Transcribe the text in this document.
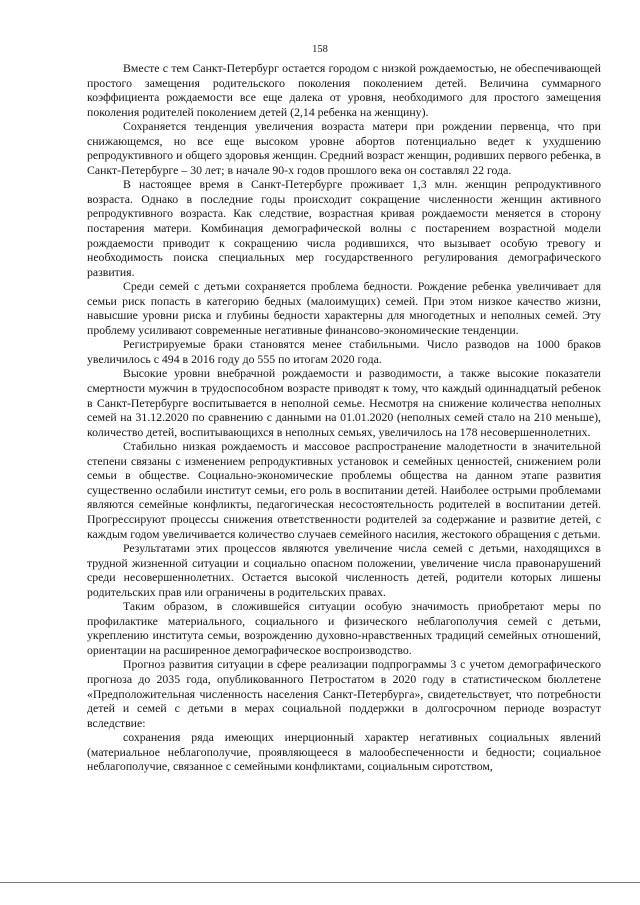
158

Вместе с тем Санкт-Петербург остается городом с низкой рождаемостью, не обеспечивающей простого замещения родительского поколения поколением детей. Величина суммарного коэффициента рождаемости все еще далека от уровня, необходимого для простого замещения поколения родителей поколением детей (2,14 ребенка на женщину).

Сохраняется тенденция увеличения возраста матери при рождении первенца, что при снижающемся, но все еще высоком уровне абортов потенциально ведет к ухудшению репродуктивного и общего здоровья женщин. Средний возраст женщин, родивших первого ребенка, в Санкт-Петербурге – 30 лет; в начале 90-х годов прошлого века он составлял 22 года.

В настоящее время в Санкт-Петербурге проживает 1,3 млн. женщин репродуктивного возраста. Однако в последние годы происходит сокращение численности женщин активного репродуктивного возраста. Как следствие, возрастная кривая рождаемости меняется в сторону постарения матери. Комбинация демографической волны с постарением возрастной модели рождаемости приводит к сокращению числа родившихся, что вызывает особую тревогу и необходимость поиска специальных мер государственного регулирования демографического развития.

Среди семей с детьми сохраняется проблема бедности. Рождение ребенка увеличивает для семьи риск попасть в категорию бедных (малоимущих) семей. При этом низкое качество жизни, навысшие уровни риска и глубины бедности характерны для многодетных и неполных семей. Эту проблему усиливают современные негативные финансово-экономические тенденции.

Регистрируемые браки становятся менее стабильными. Число разводов на 1000 браков увеличилось с 494 в 2016 году до 555 по итогам 2020 года.

Высокие уровни внебрачной рождаемости и разводимости, а также высокие показатели смертности мужчин в трудоспособном возрасте приводят к тому, что каждый одиннадцатый ребенок в Санкт-Петербурге воспитывается в неполной семье. Несмотря на снижение количества неполных семей на 31.12.2020 по сравнению с данными на 01.01.2020 (неполных семей стало на 210 меньше), количество детей, воспитывающихся в неполных семьях, увеличилось на 178 несовершеннолетних.

Стабильно низкая рождаемость и массовое распространение малодетности в значительной степени связаны с изменением репродуктивных установок и семейных ценностей, снижением роли семьи в обществе. Социально-экономические проблемы общества на данном этапе развития существенно ослабили институт семьи, его роль в воспитании детей. Наиболее острыми проблемами являются семейные конфликты, педагогическая несостоятельность родителей в воспитании детей. Прогрессируют процессы снижения ответственности родителей за содержание и развитие детей, с каждым годом увеличивается количество случаев семейного насилия, жестокого обращения с детьми.

Результатами этих процессов являются увеличение числа семей с детьми, находящихся в трудной жизненной ситуации и социально опасном положении, увеличение числа правонарушений среди несовершеннолетних. Остается высокой численность детей, родители которых лишены родительских прав или ограничены в родительских правах.

Таким образом, в сложившейся ситуации особую значимость приобретают меры по профилактике материального, социального и физического неблагополучия семей с детьми, укреплению института семьи, возрождению духовно-нравственных традиций семейных отношений, ориентации на расширенное демографическое воспроизводство.

Прогноз развития ситуации в сфере реализации подпрограммы 3 с учетом демографического прогноза до 2035 года, опубликованного Петростатом в 2020 году в статистическом бюллетене «Предположительная численность населения Санкт-Петербурга», свидетельствует, что потребности детей и семей с детьми в мерах социальной поддержки в долгосрочном периоде возрастут вследствие:

сохранения ряда имеющих инерционный характер негативных социальных явлений (материальное неблагополучие, проявляющееся в малообеспеченности и бедности; социальное неблагополучие, связанное с семейными конфликтами, социальным сиротством,
